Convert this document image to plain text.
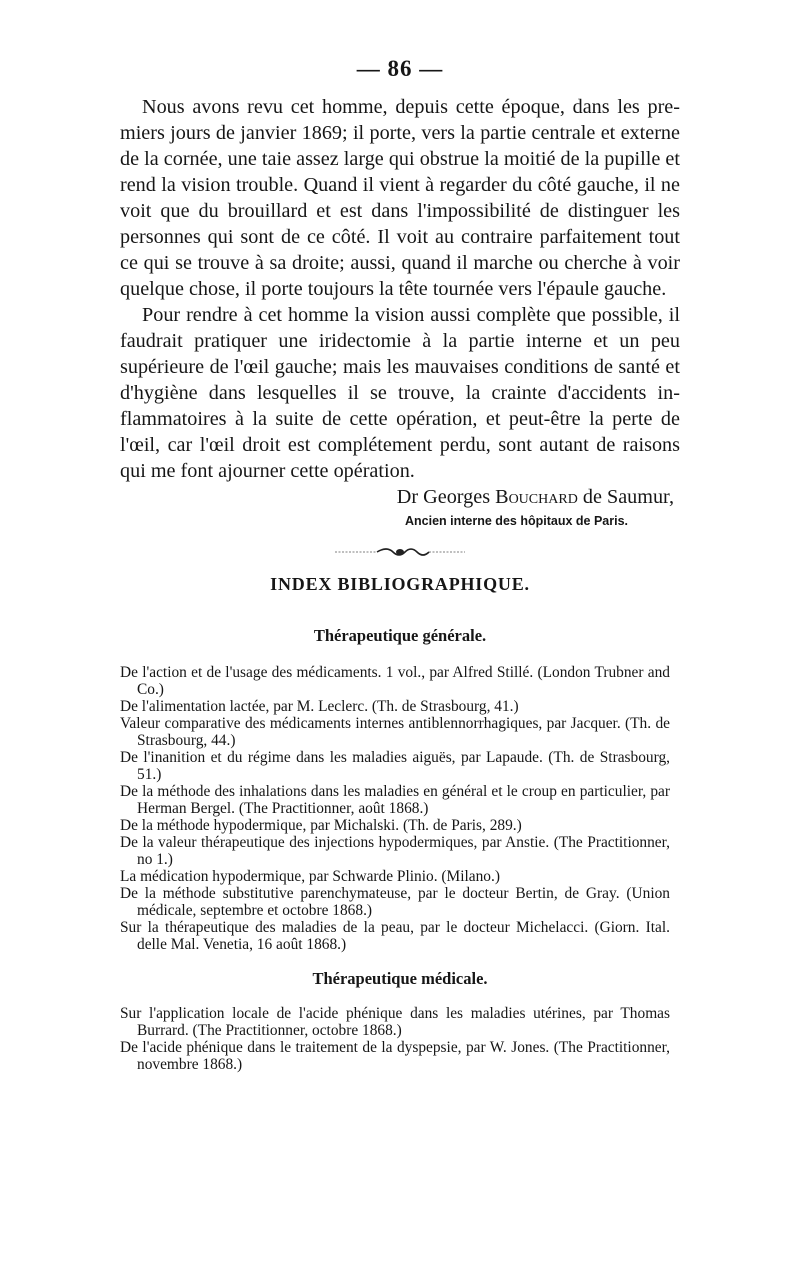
— 86 —

Nous avons revu cet homme, depuis cette époque, dans les premiers jours de janvier 1869; il porte, vers la partie centrale et externe de la cornée, une taie assez large qui obstrue la moitié de la pupille et rend la vision trouble. Quand il vient à regarder du côté gauche, il ne voit que du brouillard et est dans l'impossibilité de distinguer les personnes qui sont de ce côté. Il voit au contraire parfaitement tout ce qui se trouve à sa droite; aussi, quand il marche ou cherche à voir quelque chose, il porte toujours la tête tournée vers l'épaule gauche.

Pour rendre à cet homme la vision aussi complète que possible, il faudrait pratiquer une iridectomie à la partie interne et un peu supérieure de l'œil gauche; mais les mauvaises conditions de santé et d'hygiène dans lesquelles il se trouve, la crainte d'accidents inflammatoires à la suite de cette opération, et peut-être la perte de l'œil, car l'œil droit est complétement perdu, sont autant de raisons qui me font ajourner cette opération.

Dr Georges Bouchard de Saumur,

Ancien interne des hôpitaux de Paris.
INDEX BIBLIOGRAPHIQUE.
Thérapeutique générale.
De l'action et de l'usage des médicaments. 1 vol., par Alfred Stillé. (London Trubner and Co.)
De l'alimentation lactée, par M. Leclerc. (Th. de Strasbourg, 41.)
Valeur comparative des médicaments internes antiblennorrhagiques, par Jacquer. (Th. de Strasbourg, 44.)
De l'inanition et du régime dans les maladies aiguës, par Lapaude. (Th. de Strasbourg, 51.)
De la méthode des inhalations dans les maladies en général et le croup en particulier, par Herman Bergel. (The Practitionner, août 1868.)
De la méthode hypodermique, par Michalski. (Th. de Paris, 289.)
De la valeur thérapeutique des injections hypodermiques, par Anstie. (The Practitionner, no 1.)
La médication hypodermique, par Schwarde Plinio. (Milano.)
De la méthode substitutive parenchymateuse, par le docteur Bertin, de Gray. (Union médicale, septembre et octobre 1868.)
Sur la thérapeutique des maladies de la peau, par le docteur Michelacci. (Giorn. Ital. delle Mal. Venetia, 16 août 1868.)
Thérapeutique médicale.
Sur l'application locale de l'acide phénique dans les maladies utérines, par Thomas Burrard. (The Practitionner, octobre 1868.)
De l'acide phénique dans le traitement de la dyspepsie, par W. Jones. (The Practitionner, novembre 1868.)
